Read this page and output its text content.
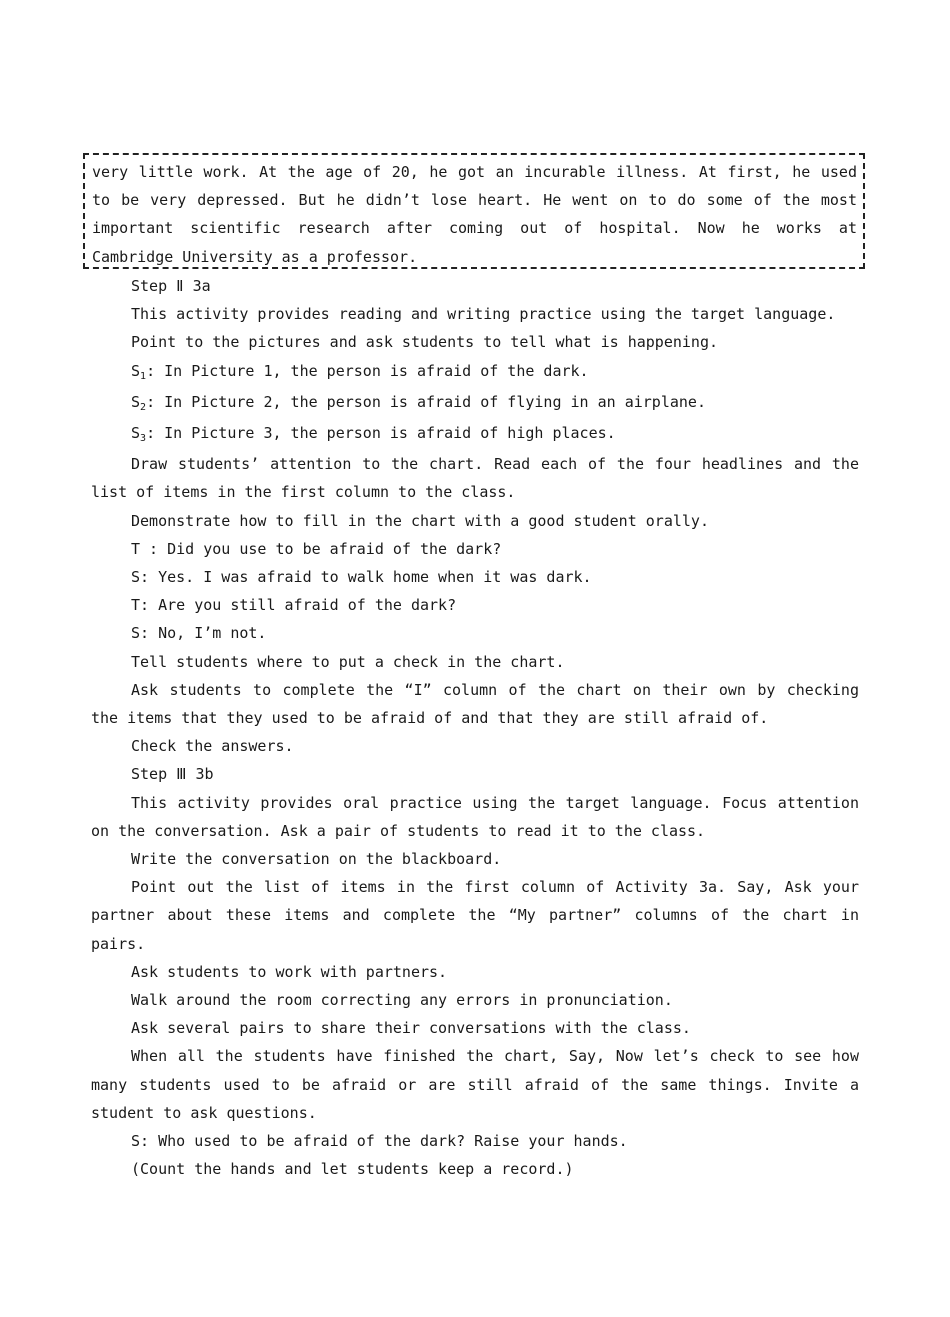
very little work. At the age of 20, he got an incurable illness. At first, he used to be very depressed. But he didn’t lose heart. He went on to do some of the most important scientific research after coming out of hospital. Now he works at Cambridge University as a professor.

Step Ⅱ 3a

This activity provides reading and writing practice using the target language.

Point to the pictures and ask students to tell what is happening.

$S_1$: In Picture 1, the person is afraid of the dark.

$S_2$: In Picture 2, the person is afraid of flying in an airplane.

$S_3$: In Picture 3, the person is afraid of high places.

Draw students’ attention to the chart. Read each of the four headlines and the list of items in the first column to the class.

Demonstrate how to fill in the chart with a good student orally.

T : Did you use to be afraid of the dark?

S: Yes. I was afraid to walk home when it was dark.

T: Are you still afraid of the dark?

S: No, I’m not.

Tell students where to put a check in the chart.

Ask students to complete the “I” column of the chart on their own by checking the items that they used to be afraid of and that they are still afraid of.

Check the answers.

Step Ⅲ 3b

This activity provides oral practice using the target language. Focus attention on the conversation. Ask a pair of students to read it to the class.

Write the conversation on the blackboard.

Point out the list of items in the first column of Activity 3a. Say, Ask your partner about these items and complete the “My partner” columns of the chart in pairs.

Ask students to work with partners.

Walk around the room correcting any errors in pronunciation.

Ask several pairs to share their conversations with the class.

When all the students have finished the chart, Say, Now let’s check to see how many students used to be afraid or are still afraid of the same things. Invite a student to ask questions.

S: Who used to be afraid of the dark? Raise your hands.

(Count the hands and let students keep a record.)
